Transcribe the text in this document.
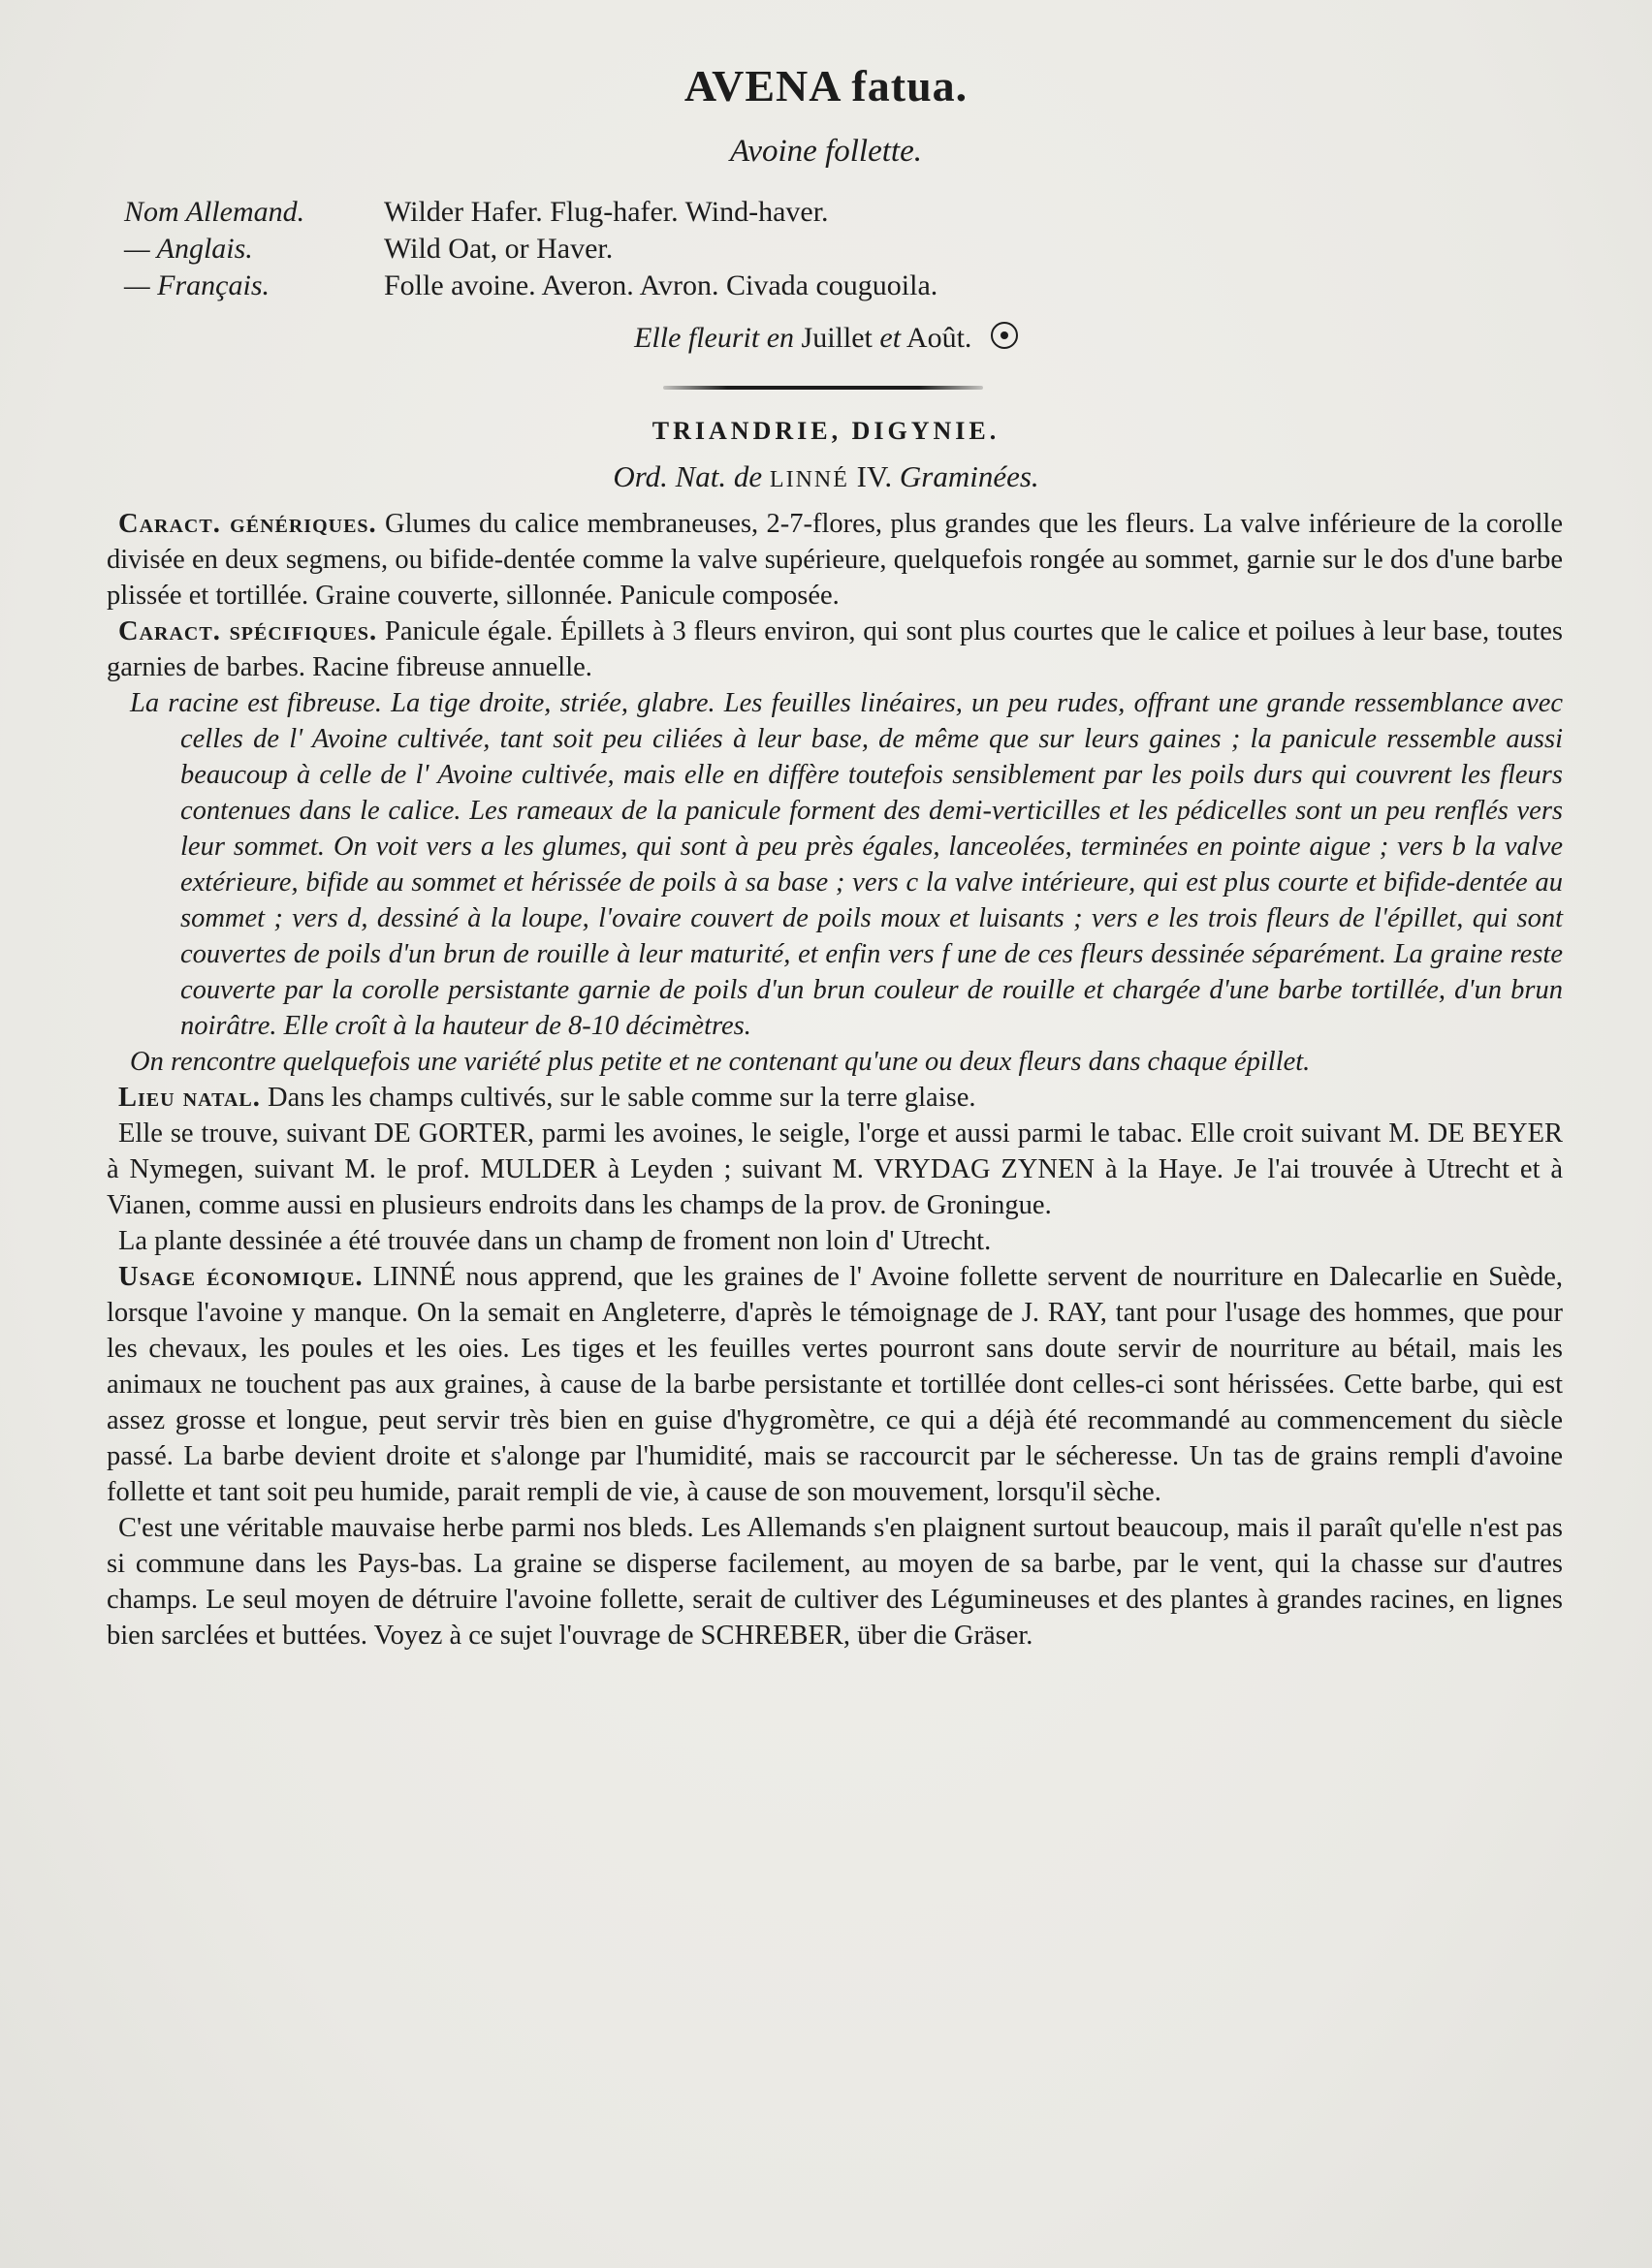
AVENA fatua.
Avoine follette.
Nom Allemand.	Wilder Hafer. Flug-hafer. Wind-haver.
— Anglais.	Wild Oat, or Haver.
— Français.	Folle avoine. Averon. Avron. Civada couguoila.
Elle fleurit en Juillet et Août.
TRIANDRIE, DIGYNIE.
Ord. Nat. de LINNÉ IV. Graminées.

Caract. génériques. Glumes du calice membraneuses, 2-7-flores, plus grandes que les fleurs. La valve inférieure de la corolle divisée en deux segmens, ou bifide-dentée comme la valve supérieure, quelquefois rongée au sommet, garnie sur le dos d'une barbe plissée et tortillée. Graine couverte, sillonnée. Panicule composée.

Caract. spécifiques. Panicule égale. Épillets à 3 fleurs environ, qui sont plus courtes que le calice et poilues à leur base, toutes garnies de barbes. Racine fibreuse annuelle.

La racine est fibreuse. La tige droite, striée, glabre. Les feuilles linéaires, un peu rudes, offrant une grande ressemblance avec celles de l' Avoine cultivée, tant soit peu ciliées à leur base, de même que sur leurs gaines ; la panicule ressemble aussi beaucoup à celle de l' Avoine cultivée, mais elle en diffère toutefois sensiblement par les poils durs qui couvrent les fleurs contenues dans le calice. Les rameaux de la panicule forment des demi-verticilles et les pédicelles sont un peu renflés vers leur sommet. On voit vers a les glumes, qui sont à peu près égales, lanceolées, terminées en pointe aigue ; vers b la valve extérieure, bifide au sommet et hérissée de poils à sa base ; vers c la valve intérieure, qui est plus courte et bifide-dentée au sommet ; vers d, dessiné à la loupe, l'ovaire couvert de poils moux et luisants ; vers e les trois fleurs de l'épillet, qui sont couvertes de poils d'un brun de rouille à leur maturité, et enfin vers f une de ces fleurs dessinée séparément. La graine reste couverte par la corolle persistante garnie de poils d'un brun couleur de rouille et chargée d'une barbe tortillée, d'un brun noirâtre. Elle croît à la hauteur de 8-10 décimètres.

On rencontre quelquefois une variété plus petite et ne contenant qu'une ou deux fleurs dans chaque épillet.

Lieu natal. Dans les champs cultivés, sur le sable comme sur la terre glaise.

Elle se trouve, suivant DE GORTER, parmi les avoines, le seigle, l'orge et aussi parmi le tabac. Elle croit suivant M. DE BEYER à Nymegen, suivant M. le prof. MULDER à Leyden ; suivant M. VRYDAG ZYNEN à la Haye. Je l'ai trouvée à Utrecht et à Vianen, comme aussi en plusieurs endroits dans les champs de la prov. de Groningue.

La plante dessinée a été trouvée dans un champ de froment non loin d' Utrecht.

Usage économique. LINNÉ nous apprend, que les graines de l' Avoine follette servent de nourriture en Dalecarlie en Suède, lorsque l'avoine y manque. On la semait en Angleterre, d'après le témoignage de J. RAY, tant pour l'usage des hommes, que pour les chevaux, les poules et les oies. Les tiges et les feuilles vertes pourront sans doute servir de nourriture au bétail, mais les animaux ne touchent pas aux graines, à cause de la barbe persistante et tortillée dont celles-ci sont hérissées. Cette barbe, qui est assez grosse et longue, peut servir très bien en guise d'hygromètre, ce qui a déjà été recommandé au commencement du siècle passé. La barbe devient droite et s'alonge par l'humidité, mais se raccourcit par le sécheresse. Un tas de grains rempli d'avoine follette et tant soit peu humide, parait rempli de vie, à cause de son mouvement, lorsqu'il sèche.

C'est une véritable mauvaise herbe parmi nos bleds. Les Allemands s'en plaignent surtout beaucoup, mais il paraît qu'elle n'est pas si commune dans les Pays-bas. La graine se disperse facilement, au moyen de sa barbe, par le vent, qui la chasse sur d'autres champs. Le seul moyen de détruire l'avoine follette, serait de cultiver des Légumineuses et des plantes à grandes racines, en lignes bien sarclées et buttées. Voyez à ce sujet l'ouvrage de SCHREBER, über die Gräser.
